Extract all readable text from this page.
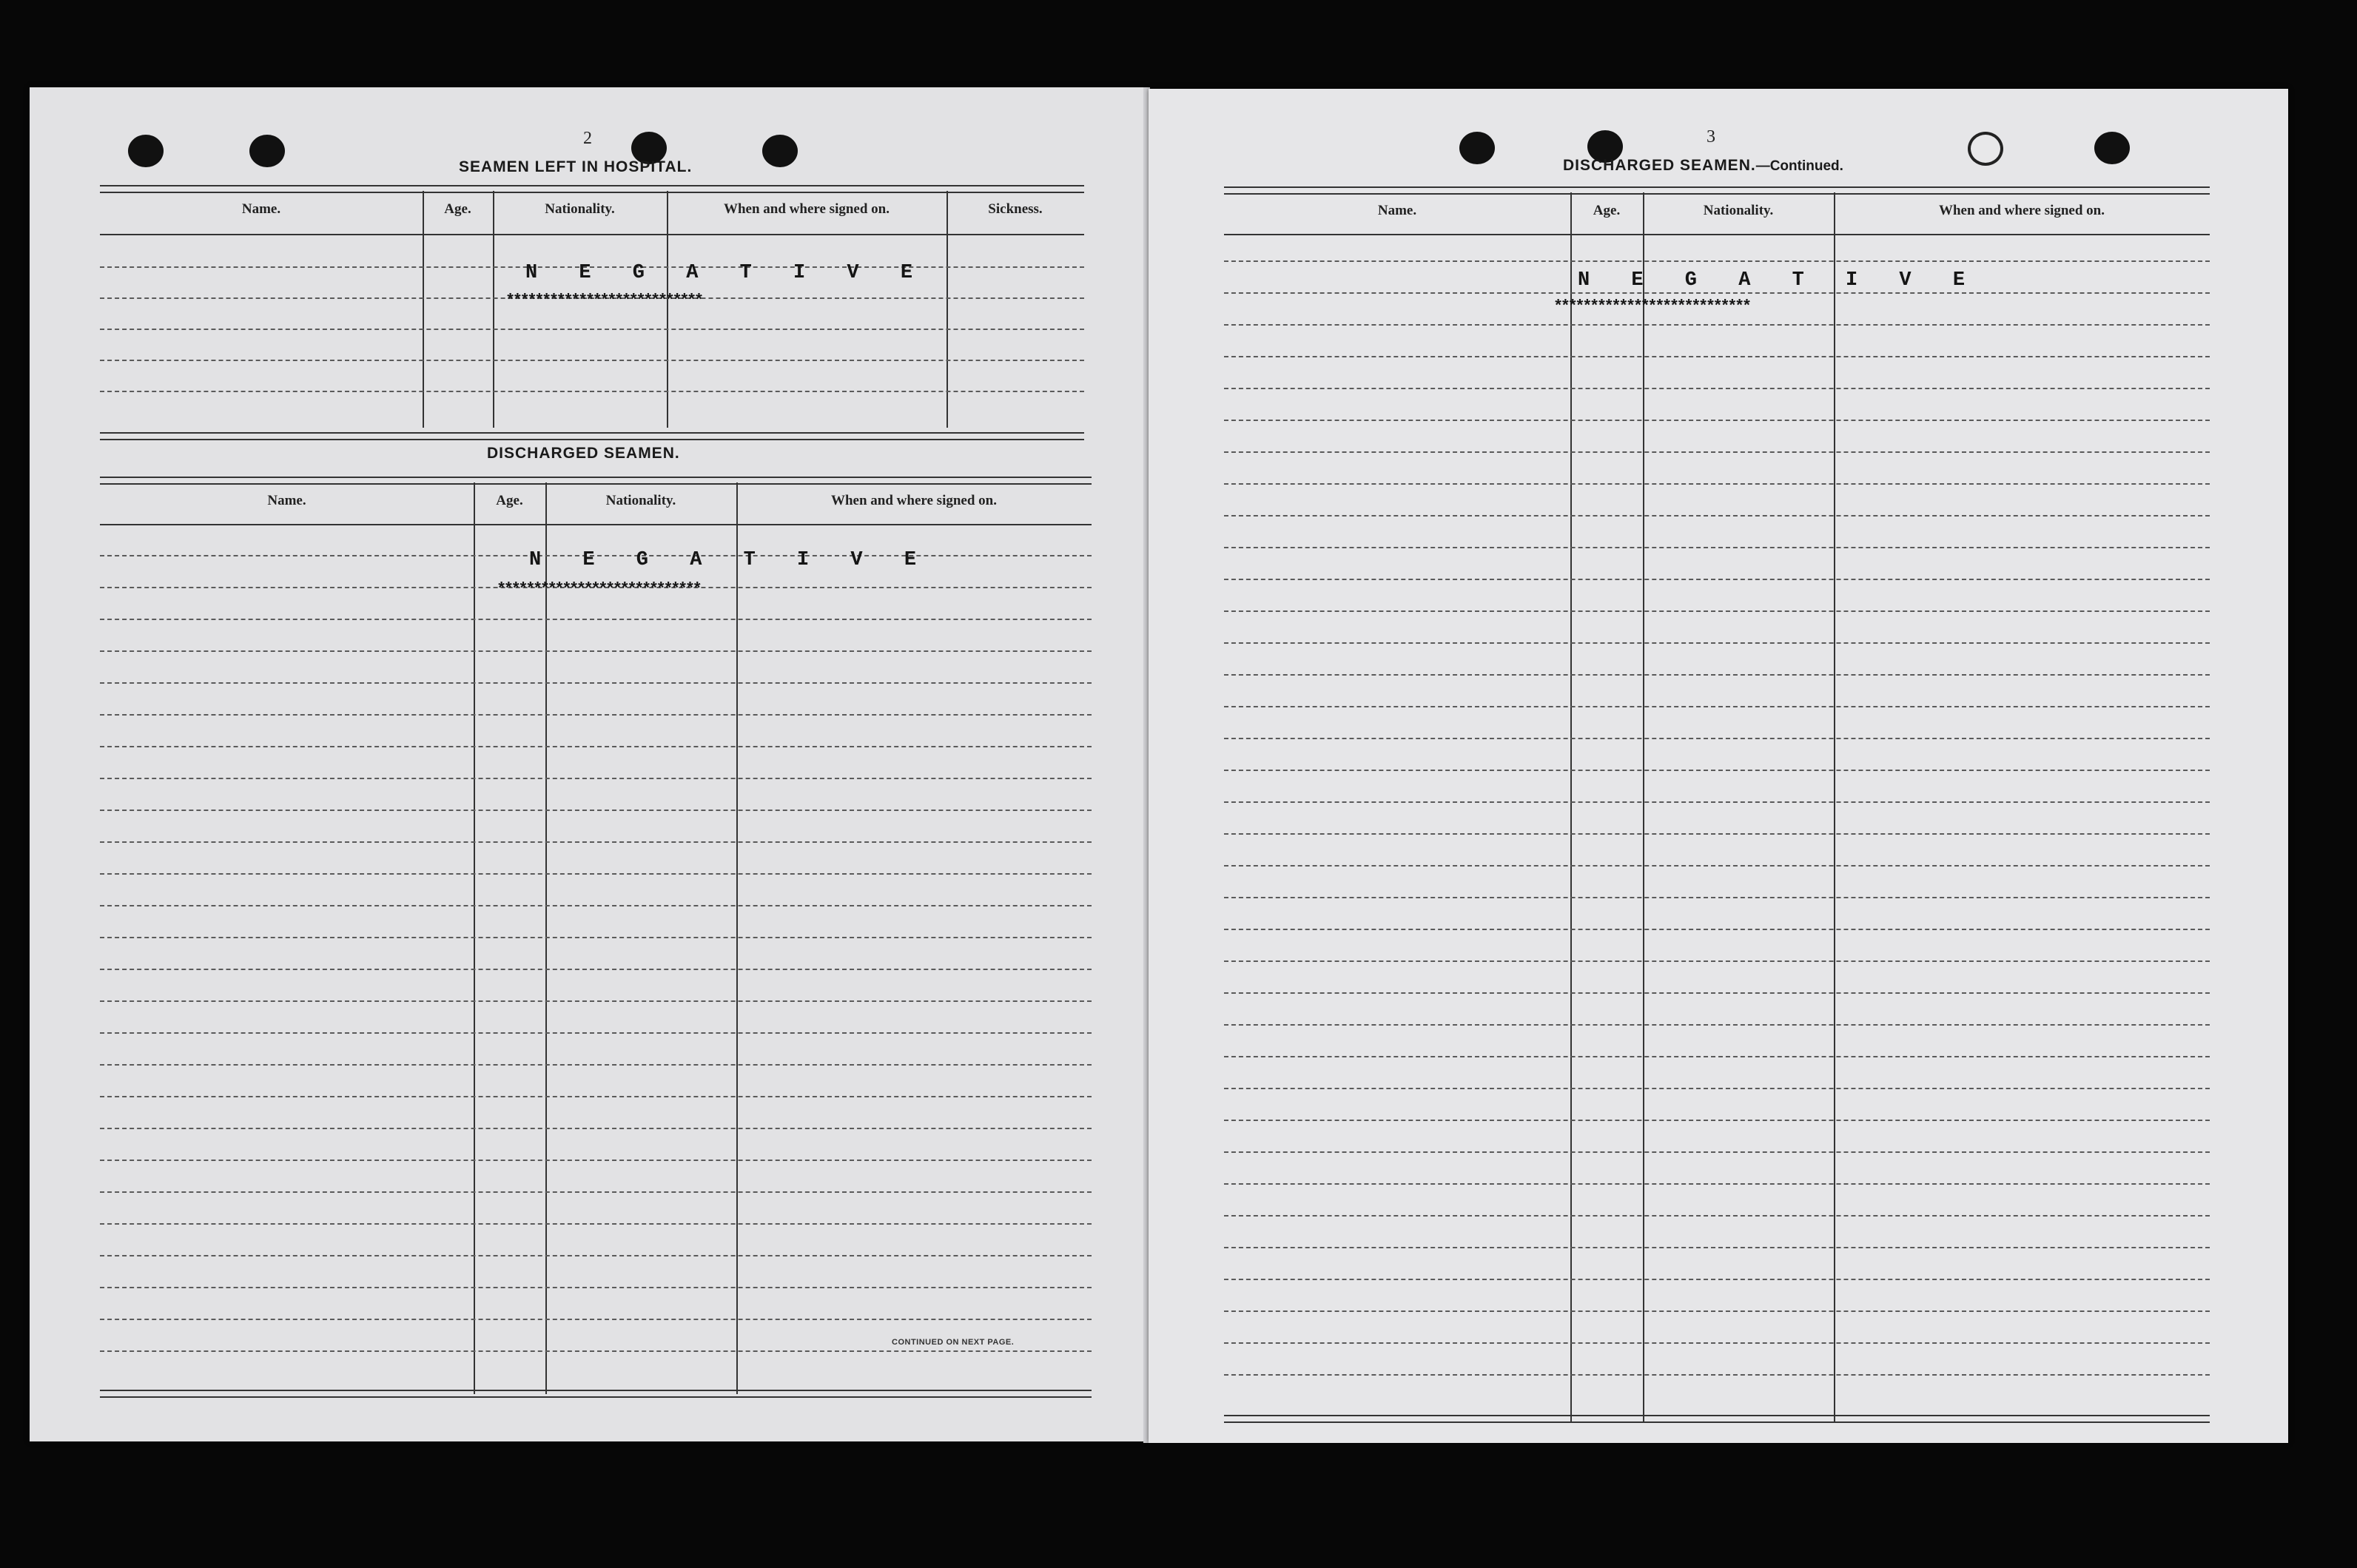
2
SEAMEN LEFT IN HOSPITAL.
Name.	Age.	Nationality.	When and where signed on.	Sickness.
N E G A T I V E
***************************
DISCHARGED SEAMEN.
Name.	Age.	Nationality.	When and where signed on.
N E G A T I V E
****************************
CONTINUED ON NEXT PAGE.
3
DISCHARGED SEAMEN.—Continued.
Name.	Age.	Nationality.	When and where signed on.
N E G A T I V E
***************************
